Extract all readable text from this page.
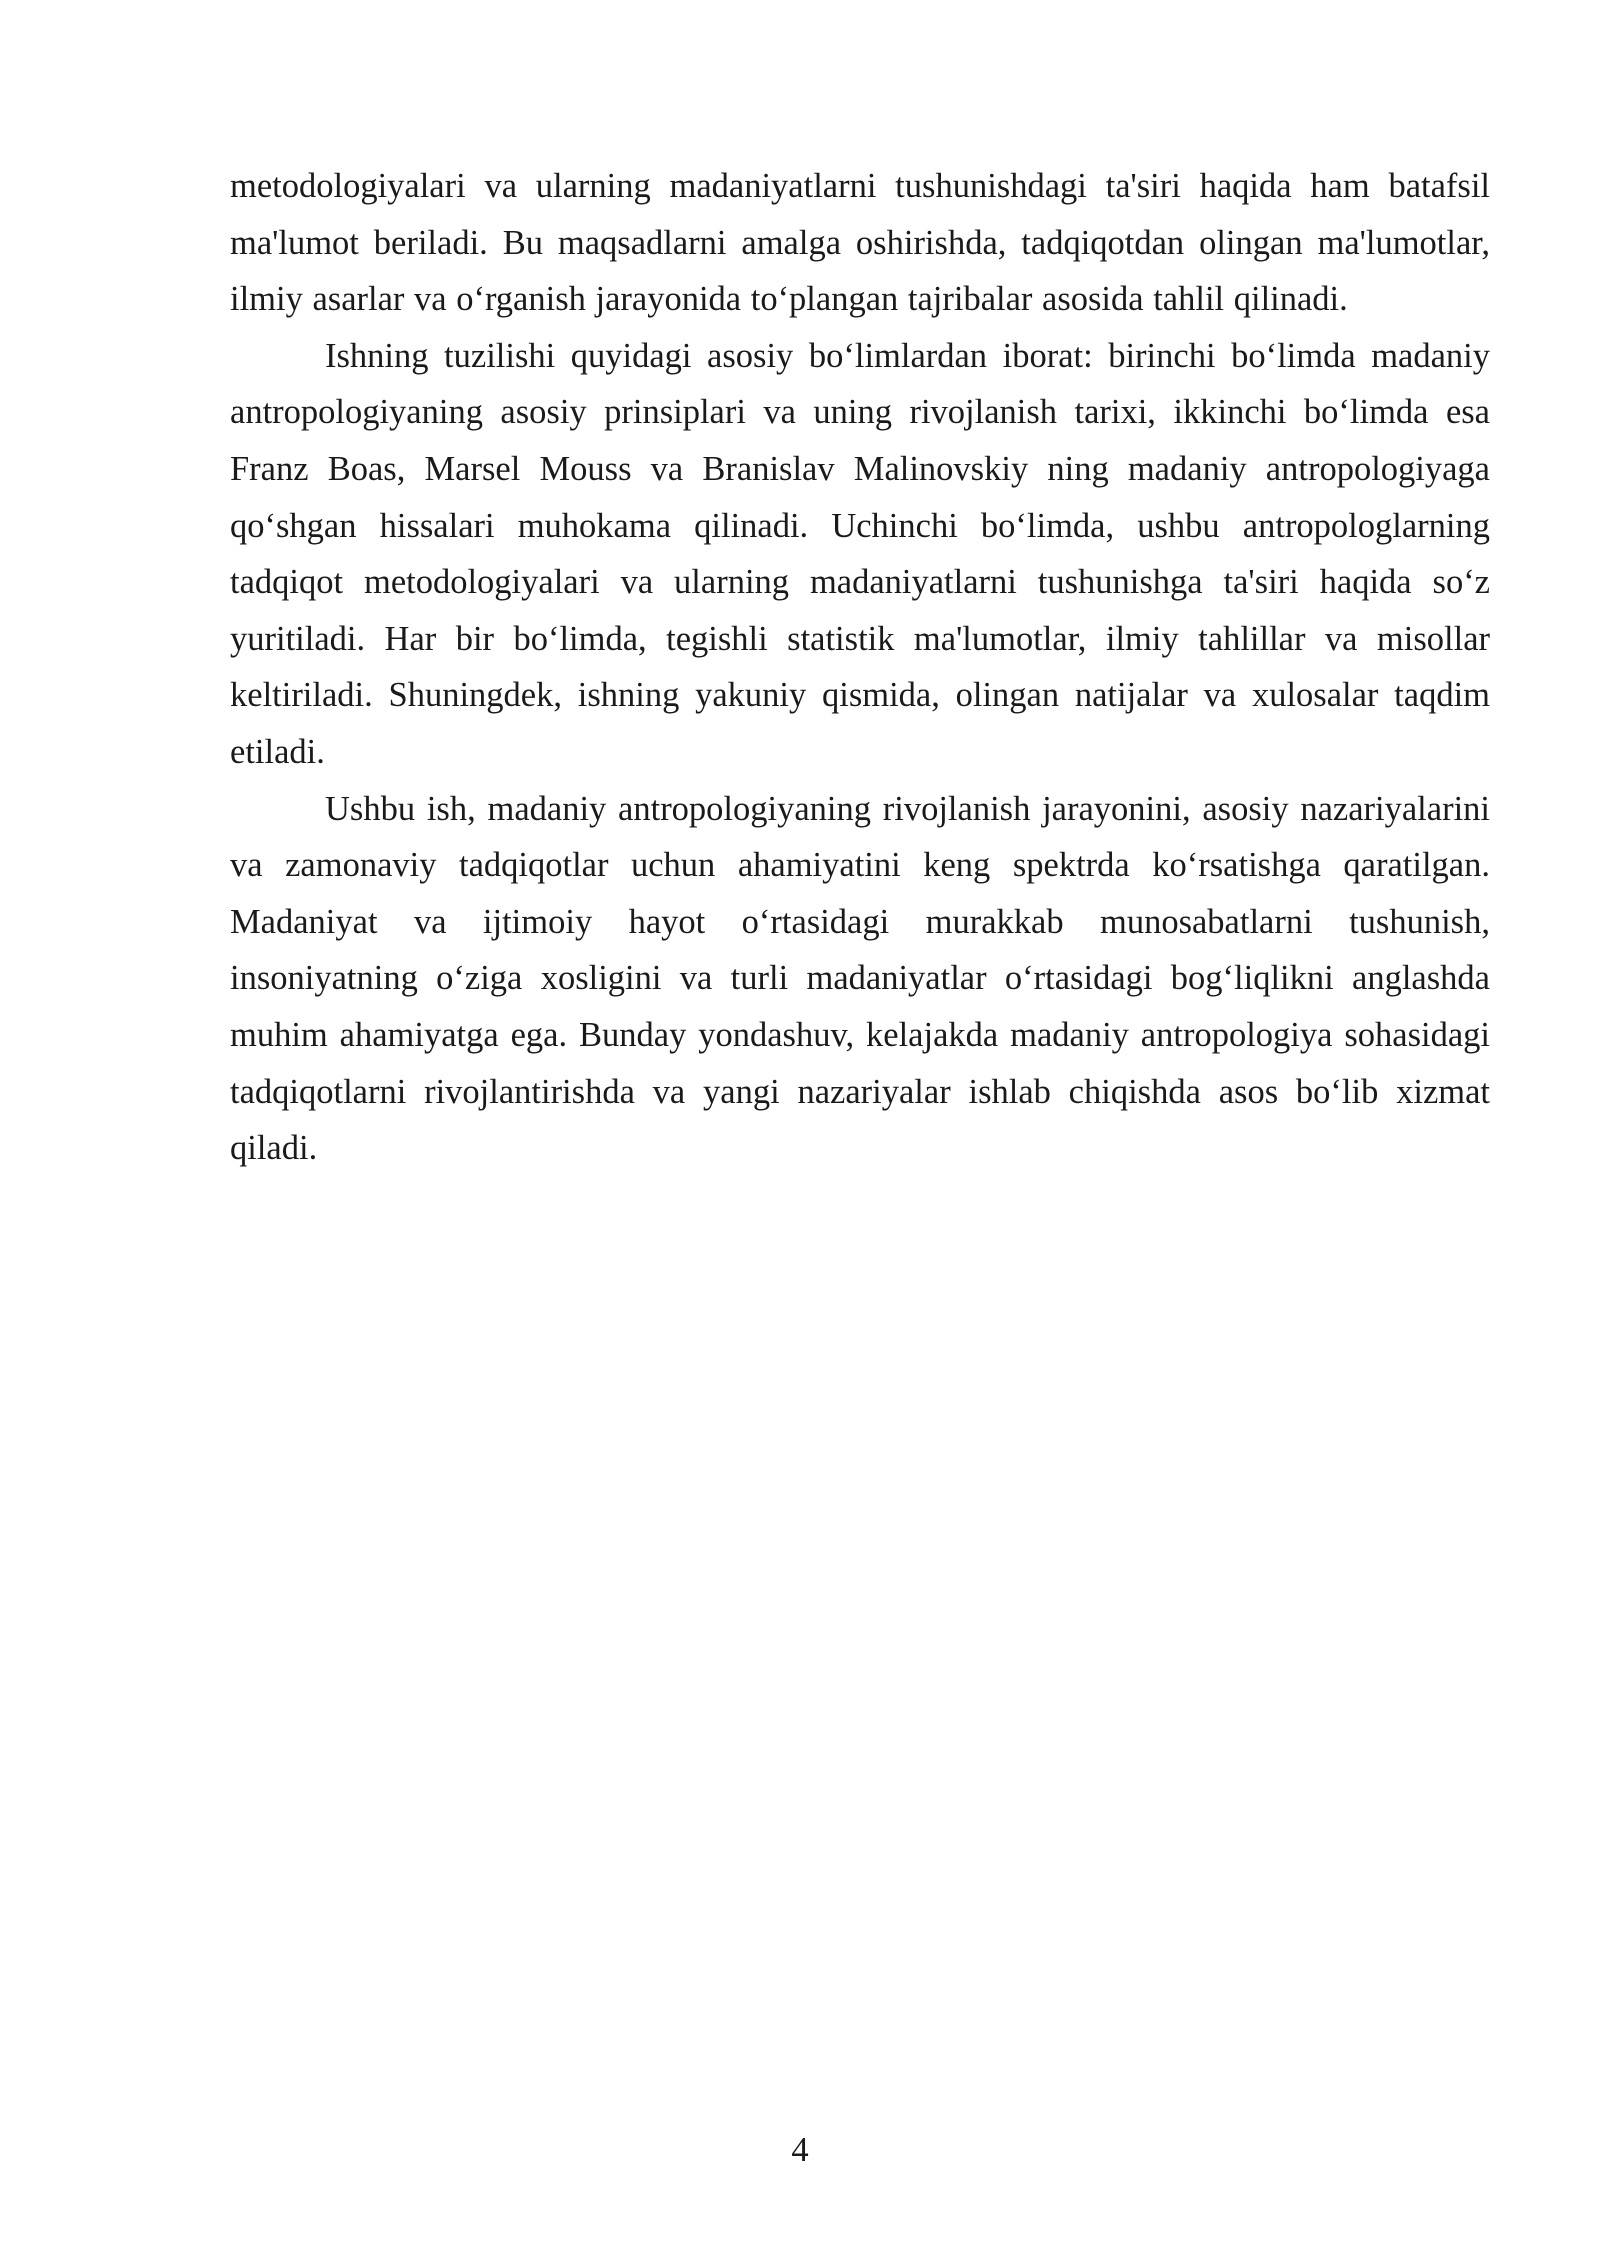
metodologiyalari va ularning madaniyatlarni tushunishdagi ta'siri haqida ham batafsil ma'lumot beriladi. Bu maqsadlarni amalga oshirishda, tadqiqotdan olingan ma'lumotlar, ilmiy asarlar va o‘rganish jarayonida to‘plangan tajribalar asosida tahlil qilinadi.

Ishning tuzilishi quyidagi asosiy bo‘limlardan iborat: birinchi bo‘limda madaniy antropologiyaning asosiy prinsiplari va uning rivojlanish tarixi, ikkinchi bo‘limda esa Franz Boas, Marsel Mouss va Branislav Malinovskiy ning madaniy antropologiyaga qo‘shgan hissalari muhokama qilinadi. Uchinchi bo‘limda, ushbu antropologlarning tadqiqot metodologiyalari va ularning madaniyatlarni tushunishga ta'siri haqida so‘z yuritiladi. Har bir bo‘limda, tegishli statistik ma'lumotlar, ilmiy tahlillar va misollar keltiriladi. Shuningdek, ishning yakuniy qismida, olingan natijalar va xulosalar taqdim etiladi.

Ushbu ish, madaniy antropologiyaning rivojlanish jarayonini, asosiy nazariyalarini va zamonaviy tadqiqotlar uchun ahamiyatini keng spektrda ko‘rsatishga qaratilgan. Madaniyat va ijtimoiy hayot o‘rtasidagi murakkab munosabatlarni tushunish, insoniyatning o‘ziga xosligini va turli madaniyatlar o‘rtasidagi bog‘liqlikni anglashda muhim ahamiyatga ega. Bunday yondashuv, kelajakda madaniy antropologiya sohasidagi tadqiqotlarni rivojlantirishda va yangi nazariyalar ishlab chiqishda asos bo‘lib xizmat qiladi.

4
